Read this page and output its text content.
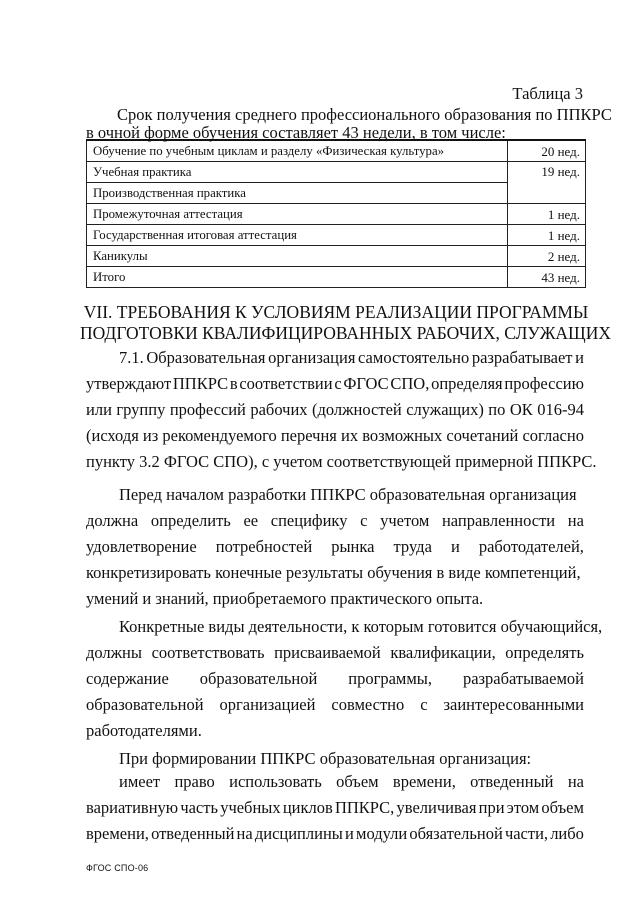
Таблица 3
Срок получения среднего профессионального образования по ППКРС
в очной форме обучения составляет 43 недели, в том числе:
Обучение по учебным циклам и разделу «Физическая культура»	20 нед.
Учебная практика	19 нед.
Производственная практика	
Промежуточная аттестация	1 нед.
Государственная итоговая аттестация	1 нед.
Каникулы	2 нед.
Итого	43 нед.
VII. ТРЕБОВАНИЯ К УСЛОВИЯМ РЕАЛИЗАЦИИ ПРОГРАММЫ
ПОДГОТОВКИ КВАЛИФИЦИРОВАННЫХ РАБОЧИХ, СЛУЖАЩИХ
7.1. Образовательная организация самостоятельно разрабатывает и
утверждают ППКРС в соответствии с ФГОС СПО, определяя профессию
или группу профессий рабочих (должностей служащих) по ОК 016-94
(исходя из рекомендуемого перечня их возможных сочетаний согласно
пункту 3.2 ФГОС СПО), с учетом соответствующей примерной ППКРС.
Перед началом разработки ППКРС образовательная организация
должна определить ее специфику с учетом направленности на
удовлетворение потребностей рынка труда и работодателей,
конкретизировать конечные результаты обучения в виде компетенций,
умений и знаний, приобретаемого практического опыта.
Конкретные виды деятельности, к которым готовится обучающийся,
должны соответствовать присваиваемой квалификации, определять
содержание образовательной программы, разрабатываемой
образовательной организацией совместно с заинтересованными
работодателями.
При формировании ППКРС образовательная организация:
имеет право использовать объем времени, отведенный на
вариативную часть учебных циклов ППКРС, увеличивая при этом объем
времени, отведенный на дисциплины и модули обязательной части, либо
ФГОС СПО-06
